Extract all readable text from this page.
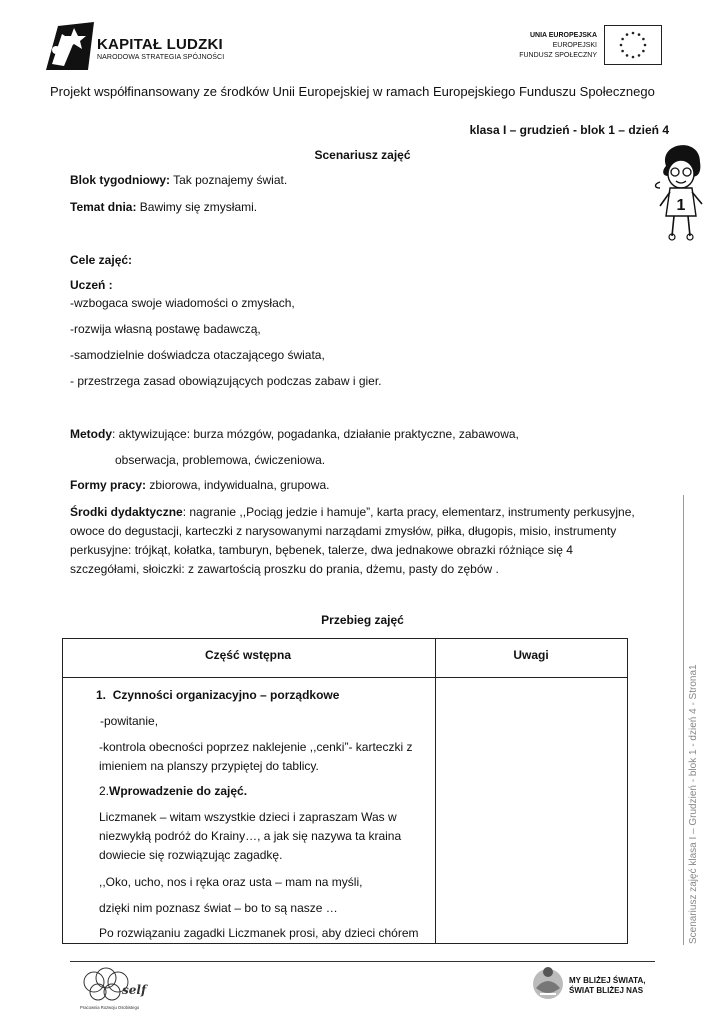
KAPITAŁ LUDZKI
NARODOWA STRATEGIA SPÓJNOŚCI
UNIA EUROPEJSKA
EUROPEJSKI
FUNDUSZ SPOŁECZNY
Projekt współfinansowany ze środków Unii Europejskiej w ramach Europejskiego Funduszu Społecznego
klasa I – grudzień - blok 1 – dzień 4
1
Scenariusz zajęć
Blok tygodniowy: Tak poznajemy świat.
Temat dnia: Bawimy się zmysłami.
Cele zajęć:
Uczeń :
-wzbogaca swoje wiadomości o zmysłach,
-rozwija własną postawę badawczą,
-samodzielnie doświadcza otaczającego świata,
- przestrzega zasad obowiązujących podczas zabaw i gier.
Metody: aktywizujące: burza mózgów, pogadanka, działanie praktyczne, zabawowa,
obserwacja, problemowa, ćwiczeniowa.
Formy pracy: zbiorowa, indywidualna, grupowa.
Środki dydaktyczne: nagranie ,,Pociąg jedzie i hamuje”, karta pracy, elementarz, instrumenty perkusyjne,
owoce do degustacji, karteczki z narysowanymi narządami zmysłów, piłka, długopis, misio, instrumenty
perkusyjne: trójkąt, kołatka, tamburyn, bębenek, talerze, dwa jednakowe obrazki różniące się 4
szczegółami, słoiczki: z zawartością proszku do prania, dżemu, pasty do zębów .
Przebieg zajęć
Część wstępna	Uwagi
1. Czynności organizacyjno – porządkowe
-powitanie,
-kontrola obecności poprzez naklejenie ,,cenki”- karteczki z
imieniem na planszy przypiętej do tablicy.
2.Wprowadzenie do zajęć.
Liczmanek – witam wszystkie dzieci i zapraszam Was w
niezwykłą podróż do Krainy…, a jak się nazywa ta kraina
dowiecie się rozwiązując zagadkę.
,,Oko, ucho, nos i ręka oraz usta – mam na myśli,
dzięki nim poznasz świat – bo to są nasze …
Po rozwiązaniu zagadki Liczmanek prosi, aby dzieci chórem	Scenariusz zajęć klasa I – Grudzień - blok 1 - dzień 4 - Strona1
self
Pracownia Rozwoju Osobistego
MY BLIŻEJ ŚWIATA,
ŚWIAT BLIŻEJ NAS
